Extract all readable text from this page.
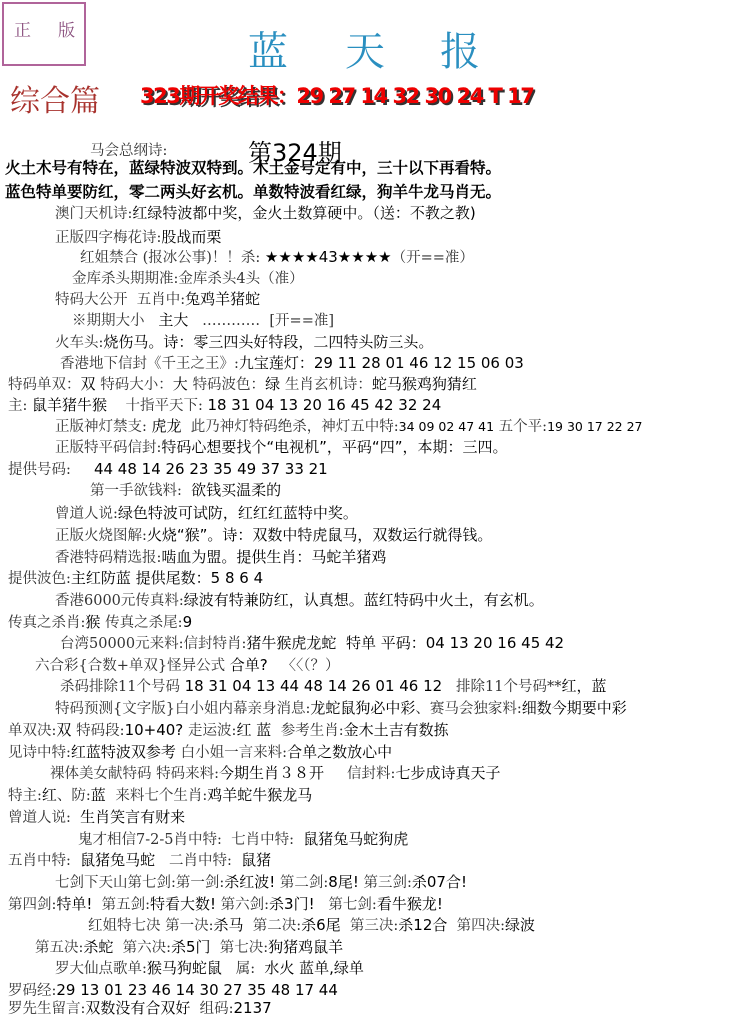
正 版	蓝 天 报
综合篇 323期开奖结果：29 27 14 32 30 24 T 17
第324期
马会总纲诗:
火土木号有特在，蓝绿特波双特到。木土金号定有中，三十以下再看特。
蓝色特单要防红，零二两头好玄机。单数特波看红绿，狗羊牛龙马肖无。
澳门天机诗:红绿特波都中奖，金火土数算硬中。（送：不教之教)
正版四字梅花诗:股战而栗
红姐禁合 (报冰公事)！！杀: ★★★★43★★★★（开==准）
金库杀头期期准:金库杀头4头（准）
特码大公开  五肖中:兔鸡羊猪蛇
※期期大小   主大   …………  [开==准]
火车头:烧伤马。诗：零三四头好特段，二四特头防三头。
香港地下信封《千王之王》:九宝莲灯：29 11 28 01 46 12 15 06 03
特码单双：双 特码大小：大 特码波色：绿 生肖玄机诗：蛇马猴鸡狗猜红
主: 鼠羊猪牛猴    十指平天下: 18 31 04 13 20 16 45 42 32 24
正版神灯禁支: 虎龙  此乃神灯特码绝杀，神灯五中特:34 09 02 47 41 五个平:19 30 17 22 27
正版特平码信封:特码心想要找个“电视机”，平码“四”，本期：三四。
提供号码:     44 48 14 26 23 35 49 37 33 21
第一手欲钱料:  欲钱买温柔的
曾道人说:绿色特波可试防，红红红蓝特中奖。
正版火烧图解:火烧“猴”。诗：双数中特虎鼠马，双数运行就得钱。
香港特码精选报:啮血为盟。提供生肖：马蛇羊猪鸡
提供波色:主红防蓝 提供尾数：5 8 6 4
香港6000元传真料:绿波有特兼防红，认真想。蓝红特码中火土，有玄机。
传真之杀肖:猴 传真之杀尾:9
台湾50000元来料:信封特肖:猪牛猴虎龙蛇  特单 平码：04 13 20 16 45 42
六合彩{合数+单双}怪异公式 合单?   〈〈（？）
杀码排除11个号码 18 31 04 13 44 48 14 26 01 46 12   排除11个号码**红，蓝
特码预测{文字版}白小姐内幕亲身消息:龙蛇鼠狗必中彩、赛马会独家料:细数今期要中彩
单双决:双 特码段:10+40? 走运波:红 蓝  参考生肖:金木土吉有数拣
见诗中特:红蓝特波双参考 白小姐一言来料:合单之数放心中
裸体美女献特码 特码来料:今期生肖３８开     信封料:七步成诗真天子
特主:红、防:蓝  来料七个生肖:鸡羊蛇牛猴龙马
曾道人说:  生肖笑言有财来
鬼才相信7-2-5肖中特:  七肖中特:  鼠猪兔马蛇狗虎
五肖中特:  鼠猪兔马蛇   二肖中特:  鼠猪
七剑下天山第七剑:第一剑:杀红波! 第二剑:8尾! 第三剑:杀07合!
第四剑:特单!  第五剑:特看大数! 第六剑:杀3门!   第七剑:看牛猴龙!
红姐特七决 第一决:杀马  第二决:杀6尾  第三决:杀12合  第四决:绿波
第五决:杀蛇  第六决:杀5门  第七决:狗猪鸡鼠羊
罗大仙点歌单:猴马狗蛇鼠   属:  水火 蓝单,绿单
罗码经:29 13 01 23 46 14 30 27 35 48 17 44
罗先生留言:双数没有合双好  组码:2137
